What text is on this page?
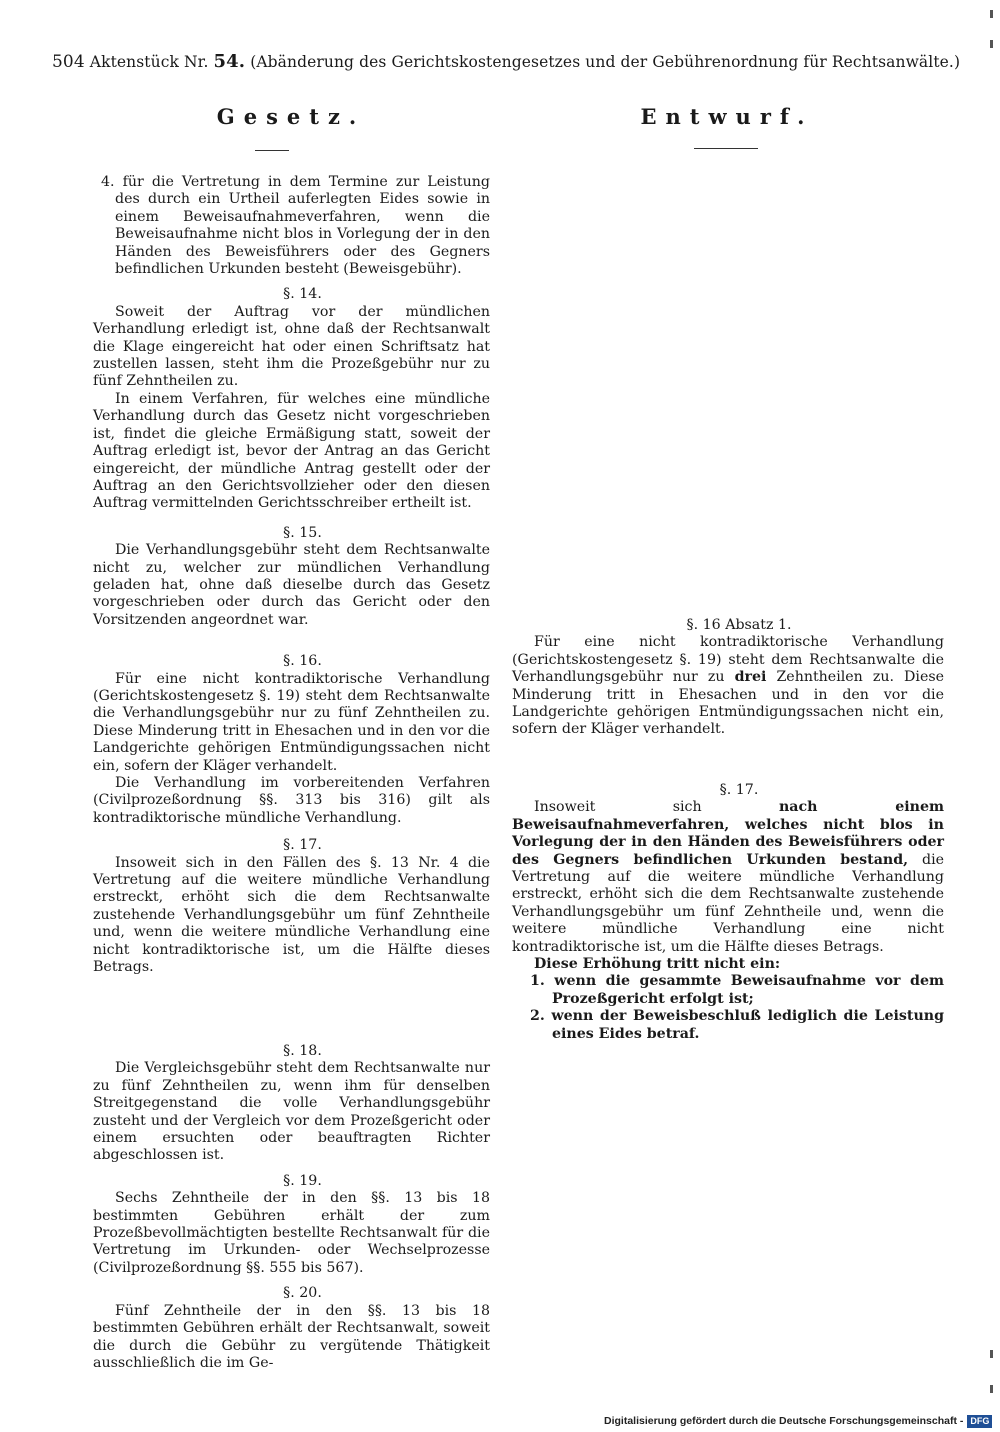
504 Aktenstück Nr. 54. (Abänderung des Gerichtskostengesetzes und der Gebührenordnung für Rechtsanwälte.)
Gesetz.

4. für die Vertretung in dem Termine zur Leistung des durch ein Urtheil auferlegten Eides sowie in einem Beweisaufnahmeverfahren, wenn die Beweisaufnahme nicht blos in Vorlegung der in den Händen des Beweisführers oder des Gegners befindlichen Urkunden besteht (Beweisgebühr).

§. 14.

Soweit der Auftrag vor der mündlichen Verhandlung erledigt ist, ohne daß der Rechtsanwalt die Klage eingereicht hat oder einen Schriftsatz hat zustellen lassen, steht ihm die Prozeßgebühr nur zu fünf Zehntheilen zu.

In einem Verfahren, für welches eine mündliche Verhandlung durch das Gesetz nicht vorgeschrieben ist, findet die gleiche Ermäßigung statt, soweit der Auftrag erledigt ist, bevor der Antrag an das Gericht eingereicht, der mündliche Antrag gestellt oder der Auftrag an den Gerichtsvollzieher oder den diesen Auftrag vermittelnden Gerichtsschreiber ertheilt ist.

§. 15.

Die Verhandlungsgebühr steht dem Rechtsanwalte nicht zu, welcher zur mündlichen Verhandlung geladen hat, ohne daß dieselbe durch das Gesetz vorgeschrieben oder durch das Gericht oder den Vorsitzenden angeordnet war.

§. 16.

Für eine nicht kontradiktorische Verhandlung (Gerichtskostengesetz §. 19) steht dem Rechtsanwalte die Verhandlungsgebühr nur zu fünf Zehntheilen zu. Diese Minderung tritt in Ehesachen und in den vor die Landgerichte gehörigen Entmündigungssachen nicht ein, sofern der Kläger verhandelt.

Die Verhandlung im vorbereitenden Verfahren (Civilprozeßordnung §§. 313 bis 316) gilt als kontradiktorische mündliche Verhandlung.

§. 17.

Insoweit sich in den Fällen des §. 13 Nr. 4 die Vertretung auf die weitere mündliche Verhandlung erstreckt, erhöht sich die dem Rechtsanwalte zustehende Verhandlungsgebühr um fünf Zehntheile und, wenn die weitere mündliche Verhandlung eine nicht kontradiktorische ist, um die Hälfte dieses Betrags.

§. 18.

Die Vergleichsgebühr steht dem Rechtsanwalte nur zu fünf Zehntheilen zu, wenn ihm für denselben Streitgegenstand die volle Verhandlungsgebühr zusteht und der Vergleich vor dem Prozeßgericht oder einem ersuchten oder beauftragten Richter abgeschlossen ist.

§. 19.

Sechs Zehntheile der in den §§. 13 bis 18 bestimmten Gebühren erhält der zum Prozeßbevollmächtigten bestellte Rechtsanwalt für die Vertretung im Urkunden- oder Wechselprozesse (Civilprozeßordnung §§. 555 bis 567).

§. 20.

Fünf Zehntheile der in den §§. 13 bis 18 bestimmten Gebühren erhält der Rechtsanwalt, soweit die durch die Gebühr zu vergütende Thätigkeit ausschließlich die im Ge-

Entwurf.

§. 16 Absatz 1.

Für eine nicht kontradiktorische Verhandlung (Gerichtskostengesetz §. 19) steht dem Rechtsanwalte die Verhandlungsgebühr nur zu drei Zehntheilen zu. Diese Minderung tritt in Ehesachen und in den vor die Landgerichte gehörigen Entmündigungssachen nicht ein, sofern der Kläger verhandelt.

§. 17.

Insoweit sich	nach einem Beweisaufnahmeverfahren, welches nicht blos in Vorlegung der in den Händen des Beweisführers oder des Gegners befindlichen Urkunden bestand, die Vertretung auf die weitere mündliche Verhandlung erstreckt, erhöht sich die dem Rechtsanwalte zustehende Verhandlungsgebühr um fünf Zehntheile und, wenn die weitere mündliche Verhandlung eine nicht kontradiktorische ist, um die Hälfte dieses Betrags.

Diese Erhöhung tritt nicht ein:

1. wenn die gesammte Beweisaufnahme vor dem Prozeßgericht erfolgt ist;

2. wenn der Beweisbeschluß lediglich die Leistung eines Eides betraf.

Digitalisierung gefördert durch die Deutsche Forschungsgemeinschaft - DFG
